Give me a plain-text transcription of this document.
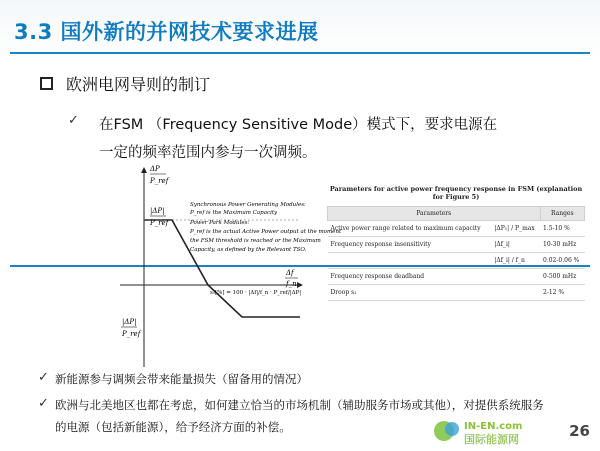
3.3 国外新的并网技术要求进展
欧洲电网导则的制订
✓ 在FSM （Frequency Sensitive Mode）模式下，要求电源在
一定的频率范围内参与一次调频。
ΔP
P_ref
|ΔP|
P_ref
s₁[%] = 100 · |Δf|/f_n · P_ref/|ΔP|
Δf
f_n
|ΔP|
P_ref
Synchronous Power Generating Modules:
P_ref is the Maximum Capacity
Power Park Modules:
P_ref is the actual Active Power output at the moment
the FSM threshold is reached or the Maximum
Capacity, as defined by the Relevant TSO.
Parameters for active power frequency response in FSM (explanation for Figure 5)
Parameters		Ranges
Active power range related to maximum capacity	|ΔP₁| / P_max	1.5-10 %
Frequency response insensitivity	|Δf_i|	10-30 mHz
	|Δf_i| / f_n	0.02-0.06 %
Frequency response deadband		0-500 mHz
Droop s₁		2-12 %
✓ 新能源参与调频会带来能量损失（留备用的情况）
✓ 欧洲与北美地区也都在考虑，如何建立恰当的市场机制（辅助服务市场或其他），对提供系统服务
的电源（包括新能源），给予经济方面的补偿。	IN-EN.com
国际能源网	26
